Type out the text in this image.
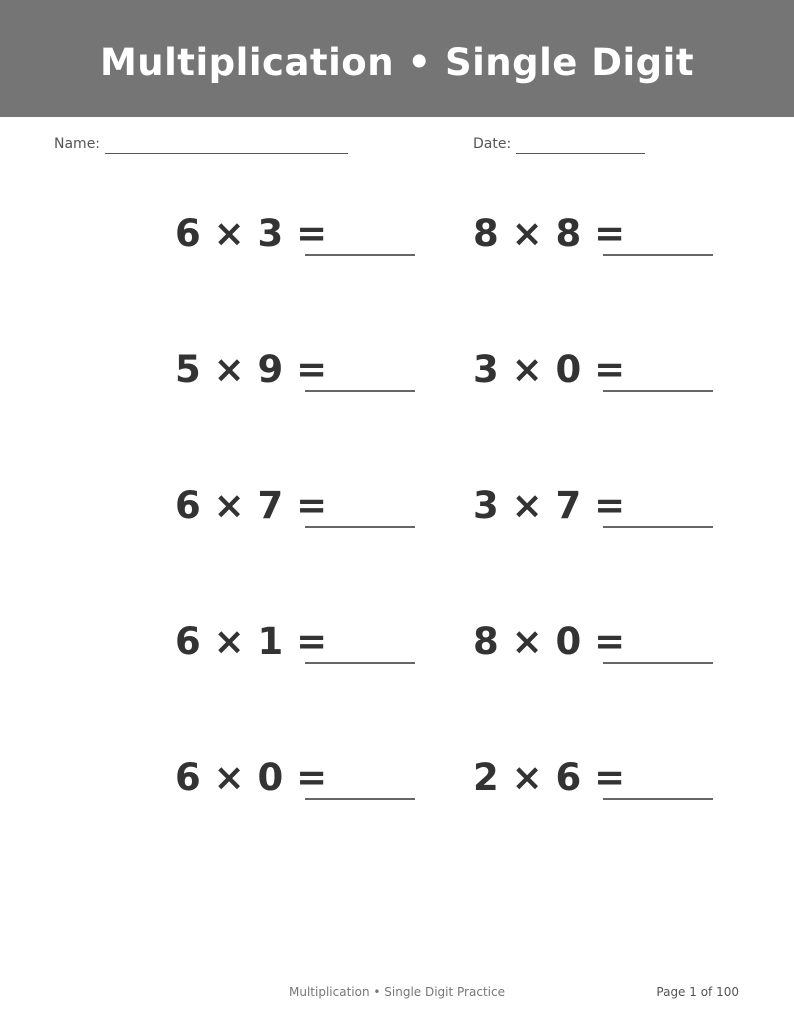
Multiplication • Single Digit
Name:	Date:
6 × 3 =	8 × 8 =
5 × 9 =	3 × 0 =
6 × 7 =	3 × 7 =
6 × 1 =	8 × 0 =
6 × 0 =	2 × 6 =
Multiplication • Single Digit Practice	Page 1 of 100
